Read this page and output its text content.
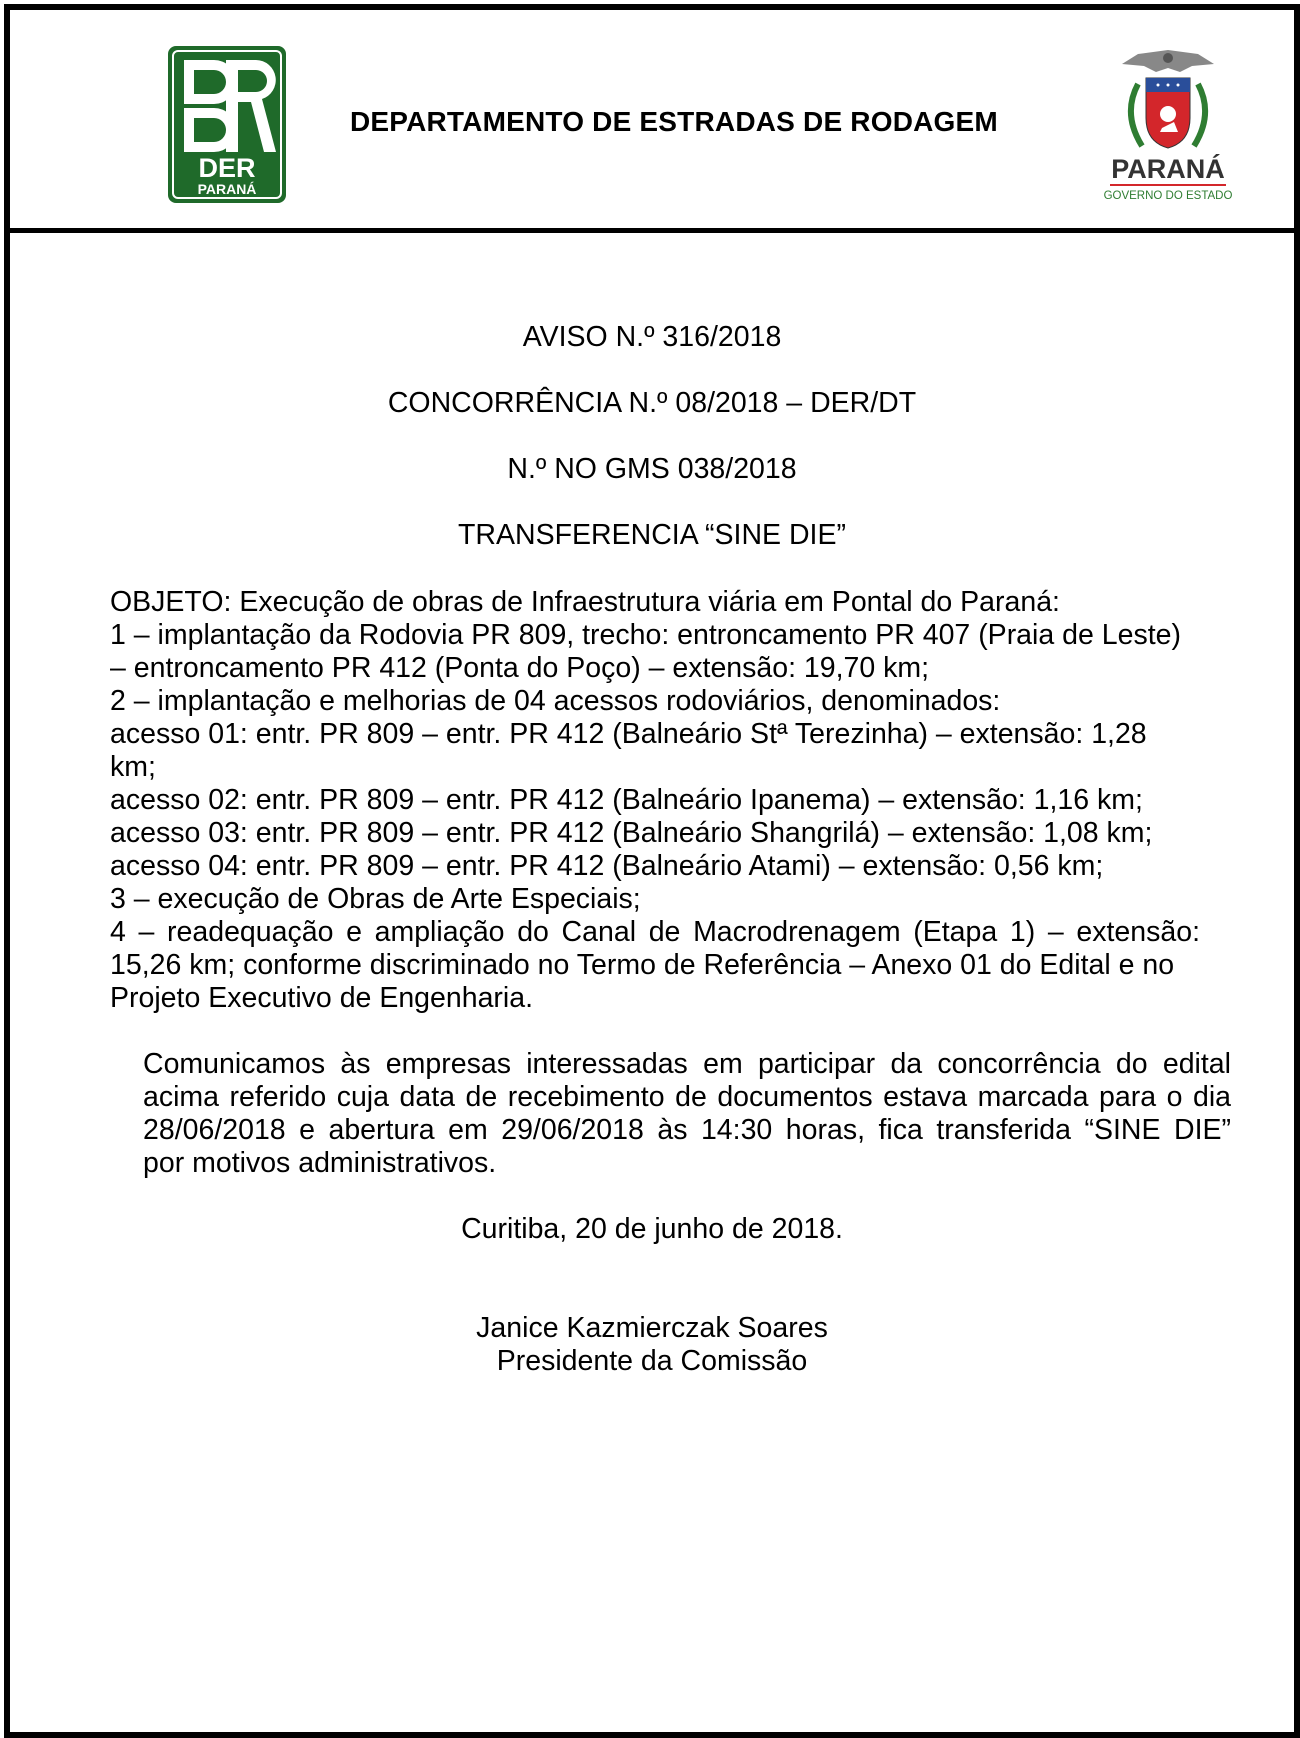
DER
PARANÁ
DEPARTAMENTO DE ESTRADAS DE RODAGEM
PARANÁ
GOVERNO DO ESTADO
AVISO N.º 316/2018
CONCORRÊNCIA N.º 08/2018 – DER/DT
N.º NO GMS 038/2018
TRANSFERENCIA “SINE DIE”
OBJETO: Execução de obras de Infraestrutura viária em Pontal do Paraná:
1 – implantação da Rodovia PR 809, trecho: entroncamento PR 407 (Praia de Leste)
– entroncamento PR 412 (Ponta do Poço) – extensão: 19,70 km;
2 – implantação e melhorias de 04 acessos rodoviários, denominados:
acesso 01: entr. PR 809 – entr. PR 412 (Balneário Stª Terezinha) – extensão: 1,28
km;
acesso 02: entr. PR 809 – entr. PR 412 (Balneário Ipanema) – extensão: 1,16 km;
acesso 03: entr. PR 809 – entr. PR 412 (Balneário Shangrilá) – extensão: 1,08 km;
acesso 04: entr. PR 809 – entr. PR 412 (Balneário Atami) – extensão: 0,56 km;
3 – execução de Obras de Arte Especiais;
4 – readequação e ampliação do Canal de Macrodrenagem (Etapa 1) – extensão:
15,26 km; conforme discriminado no Termo de Referência – Anexo 01 do Edital e no
Projeto Executivo de Engenharia.
Comunicamos às empresas interessadas em participar da concorrência do edital
acima referido cuja data de recebimento de documentos estava marcada para o dia
28/06/2018 e abertura em 29/06/2018 às 14:30 horas, fica transferida “SINE DIE”
por motivos administrativos.
Curitiba, 20 de junho de 2018.
Janice Kazmierczak Soares
Presidente da Comissão
